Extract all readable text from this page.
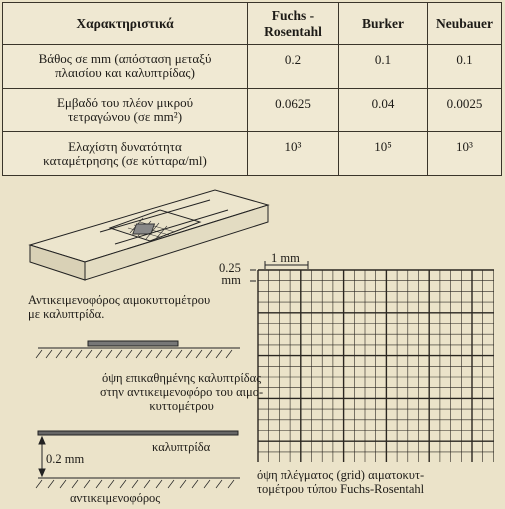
Χαρακτηριστικά	Fuchs -
Rosentahl	Burker	Neubauer
Βάθος σε mm (απόσταση μεταξύ
πλαισίου και καλυπτρίδας)	0.2	0.1	0.1
Εμβαδό του πλέον μικρού
τετραγώνου (σε mm²)	0.0625	0.04	0.0025
Ελαχίστη δυνατότητα
καταμέτρησης (σε κύτταρα/ml)	10³	10⁵	10³
Αντικειμενοφόρος αιμοκυττομέτρου
με καλυπτρίδα.
όψη επικαθημένης καλυπτρίδας
στην αντικειμενοφόρο του αιμο-
κυττομέτρου
0.2 mm
καλυπτρίδα
αντικειμενοφόρος
1 mm
0.25
mm
όψη πλέγματος (grid) αιματοκυτ-
τομέτρου τύπου Fuchs-Rosentahl
